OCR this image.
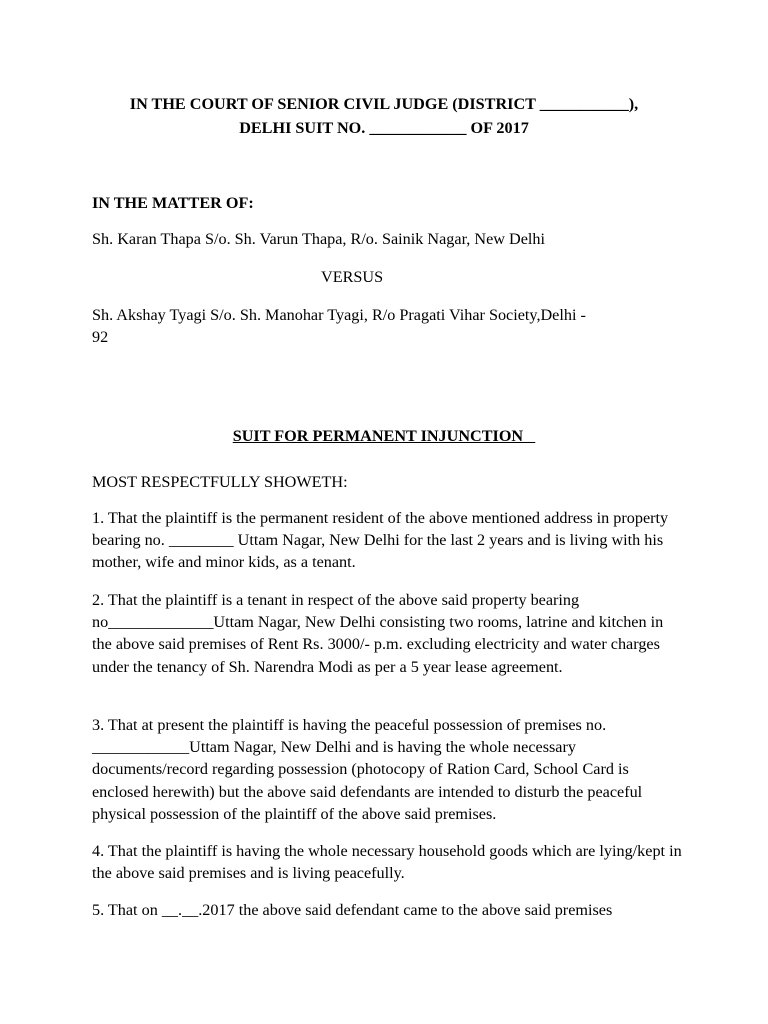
IN THE COURT OF SENIOR CIVIL JUDGE (DISTRICT ___________),
DELHI SUIT NO. ____________ OF 2017
IN THE MATTER OF:
Sh. Karan Thapa S/o. Sh. Varun Thapa, R/o. Sainik Nagar, New Delhi
VERSUS
Sh. Akshay Tyagi S/o. Sh. Manohar Tyagi, R/o Pragati Vihar Society,Delhi -
92
SUIT FOR PERMANENT INJUNCTION
MOST RESPECTFULLY SHOWETH:

1. That the plaintiff is the permanent resident of the above mentioned address in property bearing no. ________ Uttam Nagar, New Delhi for the last 2 years and is living with his mother, wife and minor kids, as a tenant.

2. That the plaintiff is a tenant in respect of the above said property bearing no_____________Uttam Nagar, New Delhi consisting two rooms, latrine and kitchen in the above said premises of Rent Rs. 3000/- p.m. excluding electricity and water charges under the tenancy of Sh. Narendra Modi as per a 5 year lease agreement.

3. That at present the plaintiff is having the peaceful possession of premises no. ____________Uttam Nagar, New Delhi and is having the whole necessary documents/record regarding possession (photocopy of Ration Card, School Card is enclosed herewith) but the above said defendants are intended to disturb the peaceful physical possession of the plaintiff of the above said premises.

4. That the plaintiff is having the whole necessary household goods which are lying/kept in the above said premises and is living peacefully.

5. That on __.__.2017 the above said defendant came to the above said premises
